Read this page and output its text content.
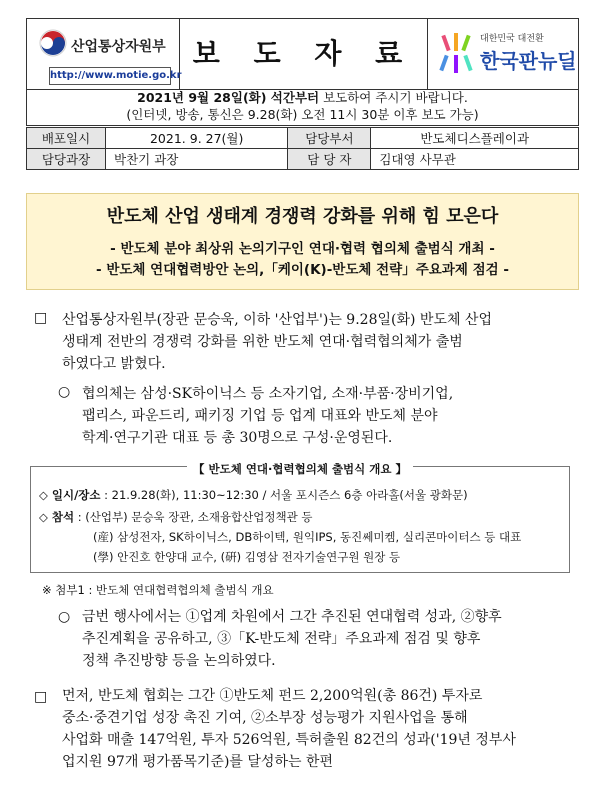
산업통상자원부
http://www.motie.go.kr
보 도 자 료	대한민국 대전환
한국판뉴딜
2021년 9월 28일(화) 석간부터 보도하여 주시기 바랍니다.
(인터넷, 방송, 통신은 9.28(화) 오전 11시 30분 이후 보도 가능)
배포일시	2021. 9. 27(월)	담당부서	반도체디스플레이과
담당과장	박찬기 과장	담 당 자	김대영 사무관
반도체 산업 생태계 경쟁력 강화를 위해 힘 모은다
- 반도체 분야 최상위 논의기구인 연대·협력 협의체 출범식 개최 -
- 반도체 연대협력방안 논의,「케이(K)-반도체 전략」주요과제 점검 -
□ 산업통상자원부(장관 문승욱, 이하 '산업부')는 9.28일(화) 반도체 산업
생태계 전반의 경쟁력 강화를 위한 반도체 연대·협력협의체가 출범
하였다고 밝혔다.
○ 협의체는 삼성·SK하이닉스 등 소자기업, 소재·부품·장비기업,
팹리스, 파운드리, 패키징 기업 등 업계 대표와 반도체 분야
학계·연구기관 대표 등 총 30명으로 구성·운영된다.
【 반도체 연대·협력협의체 출범식 개요 】
◇ 일시/장소 : 21.9.28(화), 11:30~12:30 / 서울 포시즌스 6층 아라홀(서울 광화문)
◇ 참석 : (산업부) 문승욱 장관, 소재융합산업정책관 등
(産) 삼성전자, SK하이닉스, DB하이텍, 원익IPS, 동진쎄미켐, 실리콘마이터스 등 대표
(學) 안진호 한양대 교수, (硏) 김영삼 전자기술연구원 원장 등
※ 첨부1 : 반도체 연대협력협의체 출범식 개요
○ 금번 행사에서는 ①업계 차원에서 그간 추진된 연대협력 성과, ②향후
추진계획을 공유하고, ③「K-반도체 전략」주요과제 점검 및 향후
정책 추진방향 등을 논의하였다.
□ 먼저, 반도체 협회는 그간 ①반도체 펀드 2,200억원(총 86건) 투자로
중소·중견기업 성장 촉진 기여, ②소부장 성능평가 지원사업을 통해
사업화 매출 147억원, 투자 526억원, 특허출원 82건의 성과('19년 정부사
업지원 97개 평가품목기준)를 달성하는 한편
